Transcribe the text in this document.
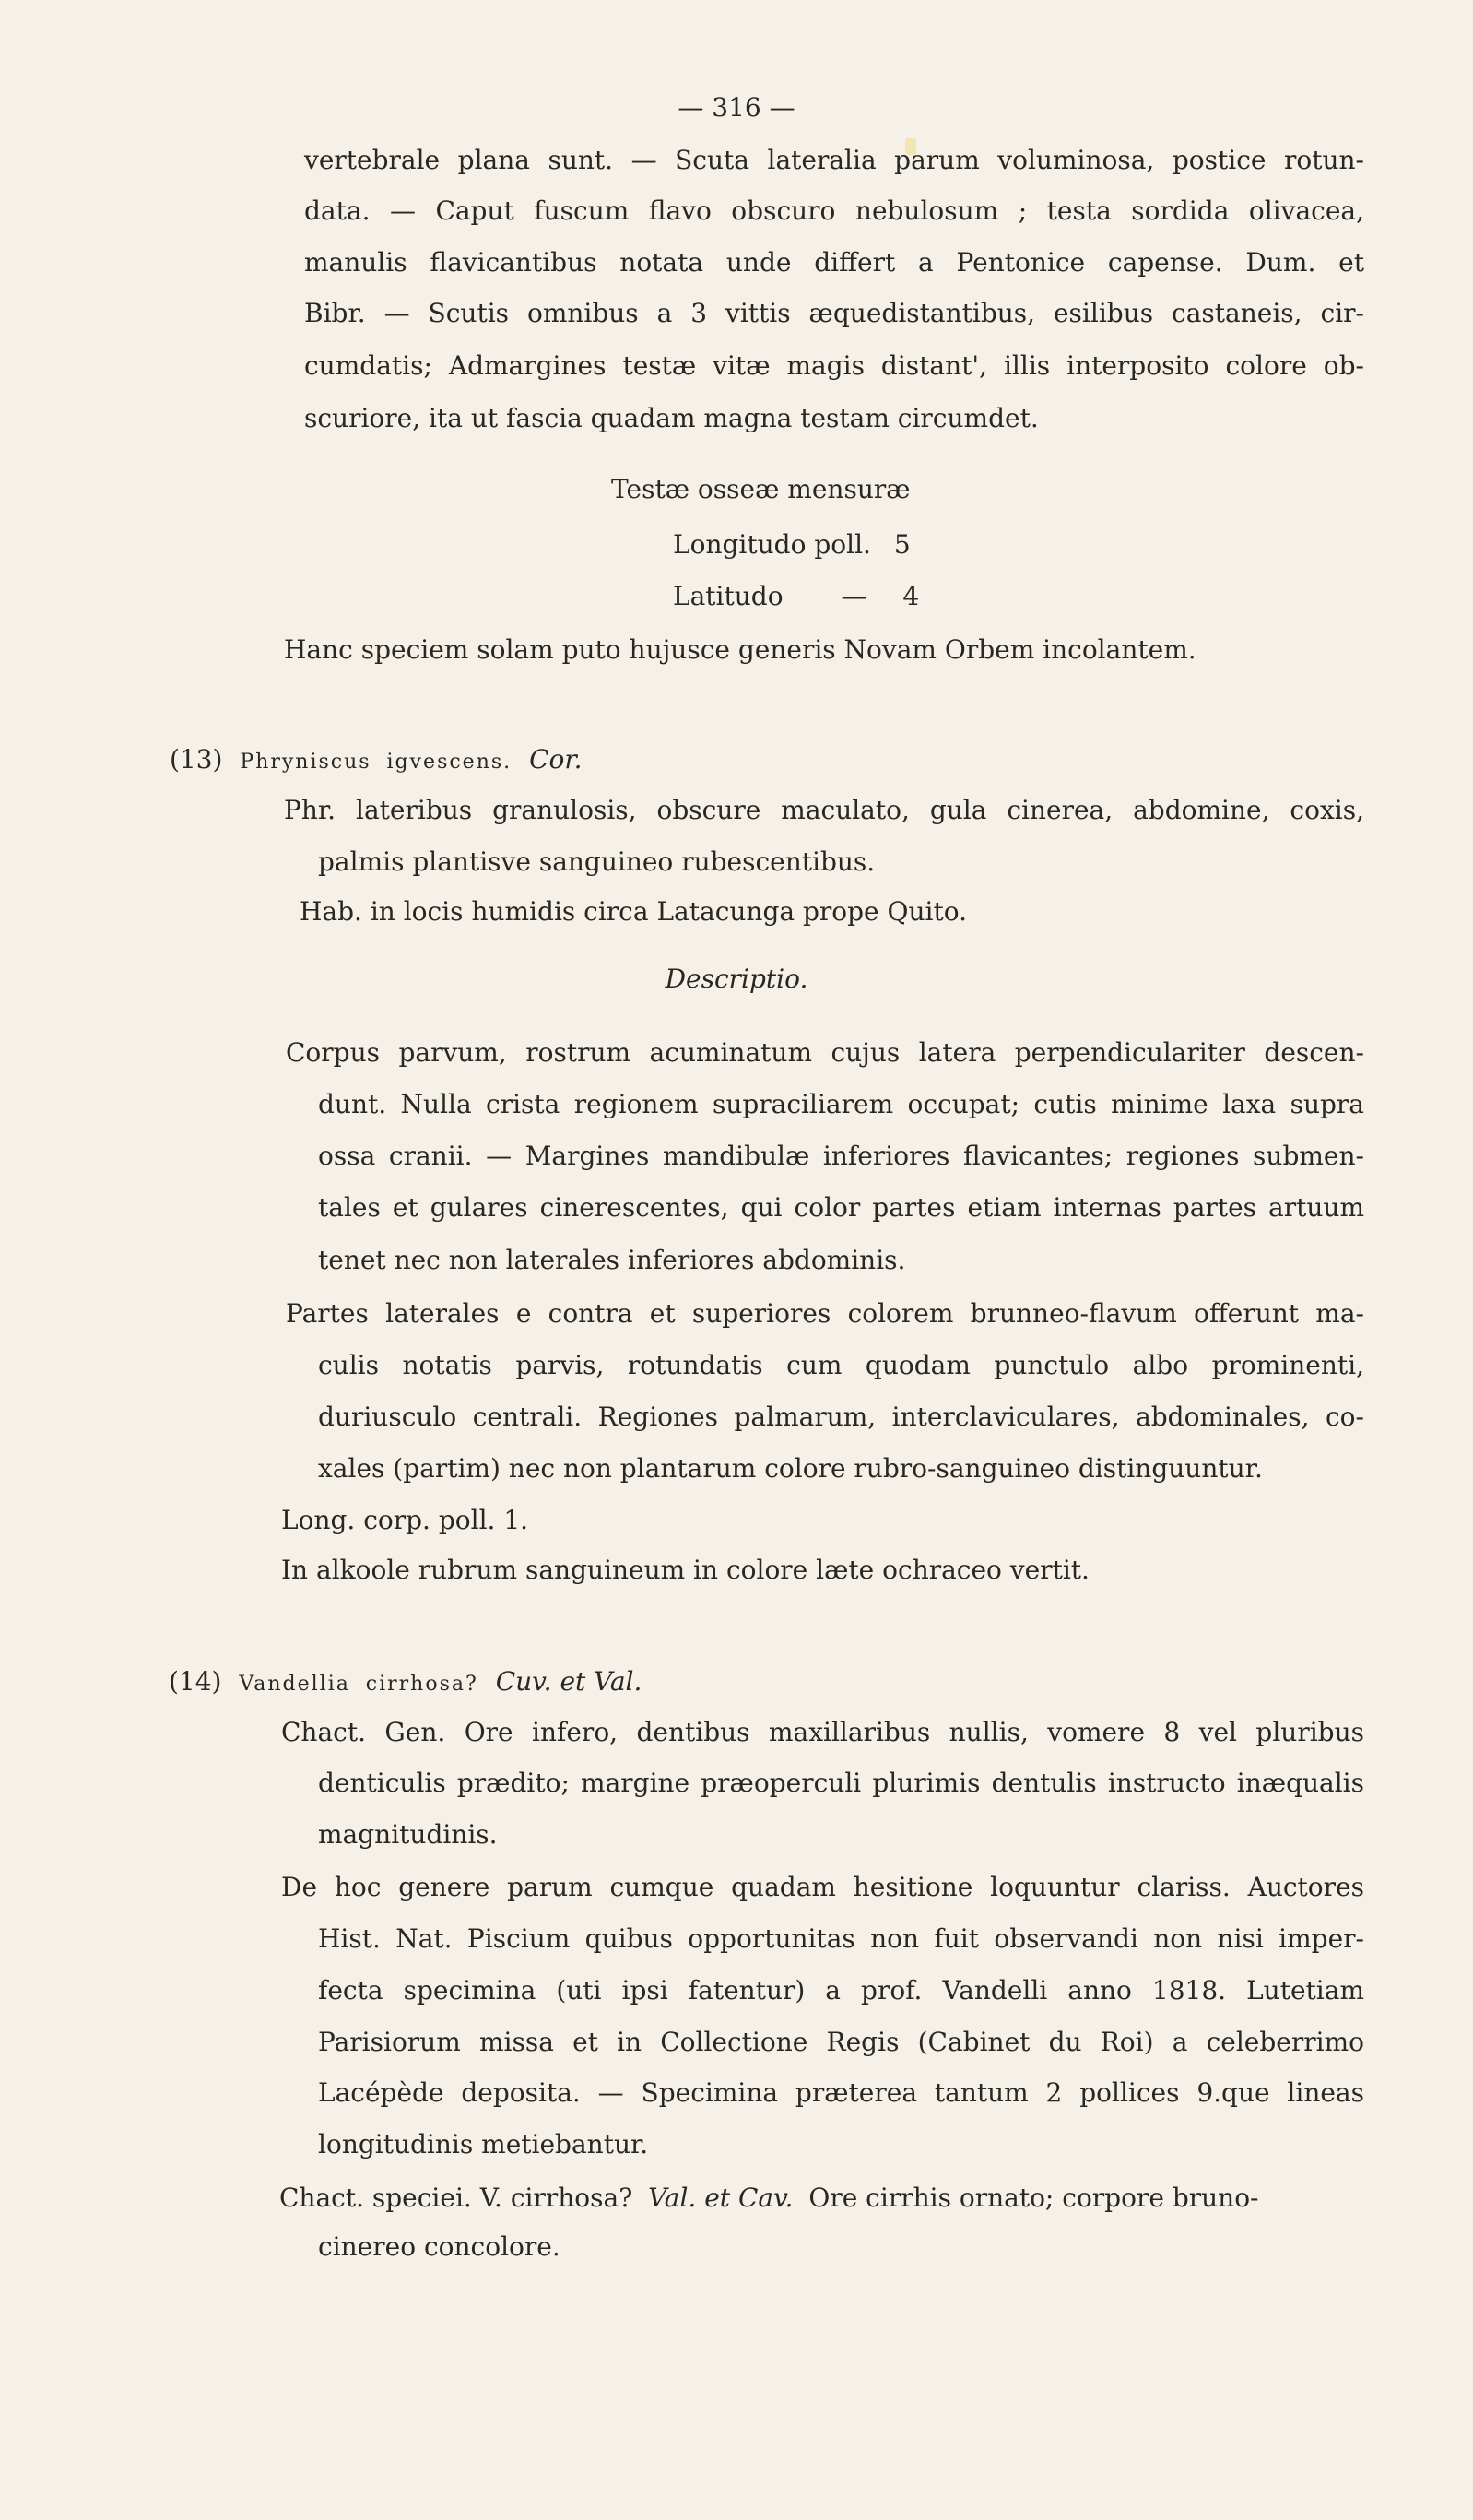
— 316 —

vertebrale plana sunt. — Scuta lateralia parum voluminosa, postice rotun-

data. — Caput fuscum flavo obscuro nebulosum ; testa sordida olivacea,

manulis flavicantibus notata unde differt a Pentonice capense. Dum. et

Bibr. — Scutis omnibus a 3 vittis æquedistantibus, esilibus castaneis, cir-

cumdatis; Admargines testæ vitæ magis distant', illis interposito colore ob-

scuriore, ita ut fascia quadam magna testam circumdet.

Testæ osseæ mensuræ

Longitudo poll. 5

Latitudo — 4

Hanc speciem solam puto hujusce generis Novam Orbem incolantem.

(13) Phryniscus igvescens. Cor.

Phr. lateribus granulosis, obscure maculato, gula cinerea, abdomine, coxis,

palmis plantisve sanguineo rubescentibus.

Hab. in locis humidis circa Latacunga prope Quito.

Descriptio.

Corpus parvum, rostrum acuminatum cujus latera perpendiculariter descen-

dunt. Nulla crista regionem supraciliarem occupat; cutis minime laxa supra

ossa cranii. — Margines mandibulæ inferiores flavicantes; regiones submen-

tales et gulares cinerescentes, qui color partes etiam internas partes artuum

tenet nec non laterales inferiores abdominis.

Partes laterales e contra et superiores colorem brunneo-flavum offerunt ma-

culis notatis parvis, rotundatis cum quodam punctulo albo prominenti,

duriusculo centrali. Regiones palmarum, interclaviculares, abdominales, co-

xales (partim) nec non plantarum colore rubro-sanguineo distinguuntur.

Long. corp. poll. 1.

In alkoole rubrum sanguineum in colore læte ochraceo vertit.

(14) Vandellia cirrhosa? Cuv. et Val.

Chact. Gen. Ore infero, dentibus maxillaribus nullis, vomere 8 vel pluribus

denticulis prædito; margine præoperculi plurimis dentulis instructo inæqualis

magnitudinis.

De hoc genere parum cumque quadam hesitione loquuntur clariss. Auctores

Hist. Nat. Piscium quibus opportunitas non fuit observandi non nisi imper-

fecta specimina (uti ipsi fatentur) a prof. Vandelli anno 1818. Lutetiam

Parisiorum missa et in Collectione Regis (Cabinet du Roi) a celeberrimo

Lacépède deposita. — Specimina præterea tantum 2 pollices 9.que lineas

longitudinis metiebantur.

Chact. speciei. V. cirrhosa? Val. et Cav. Ore cirrhis ornato; corpore bruno-

cinereo concolore.
